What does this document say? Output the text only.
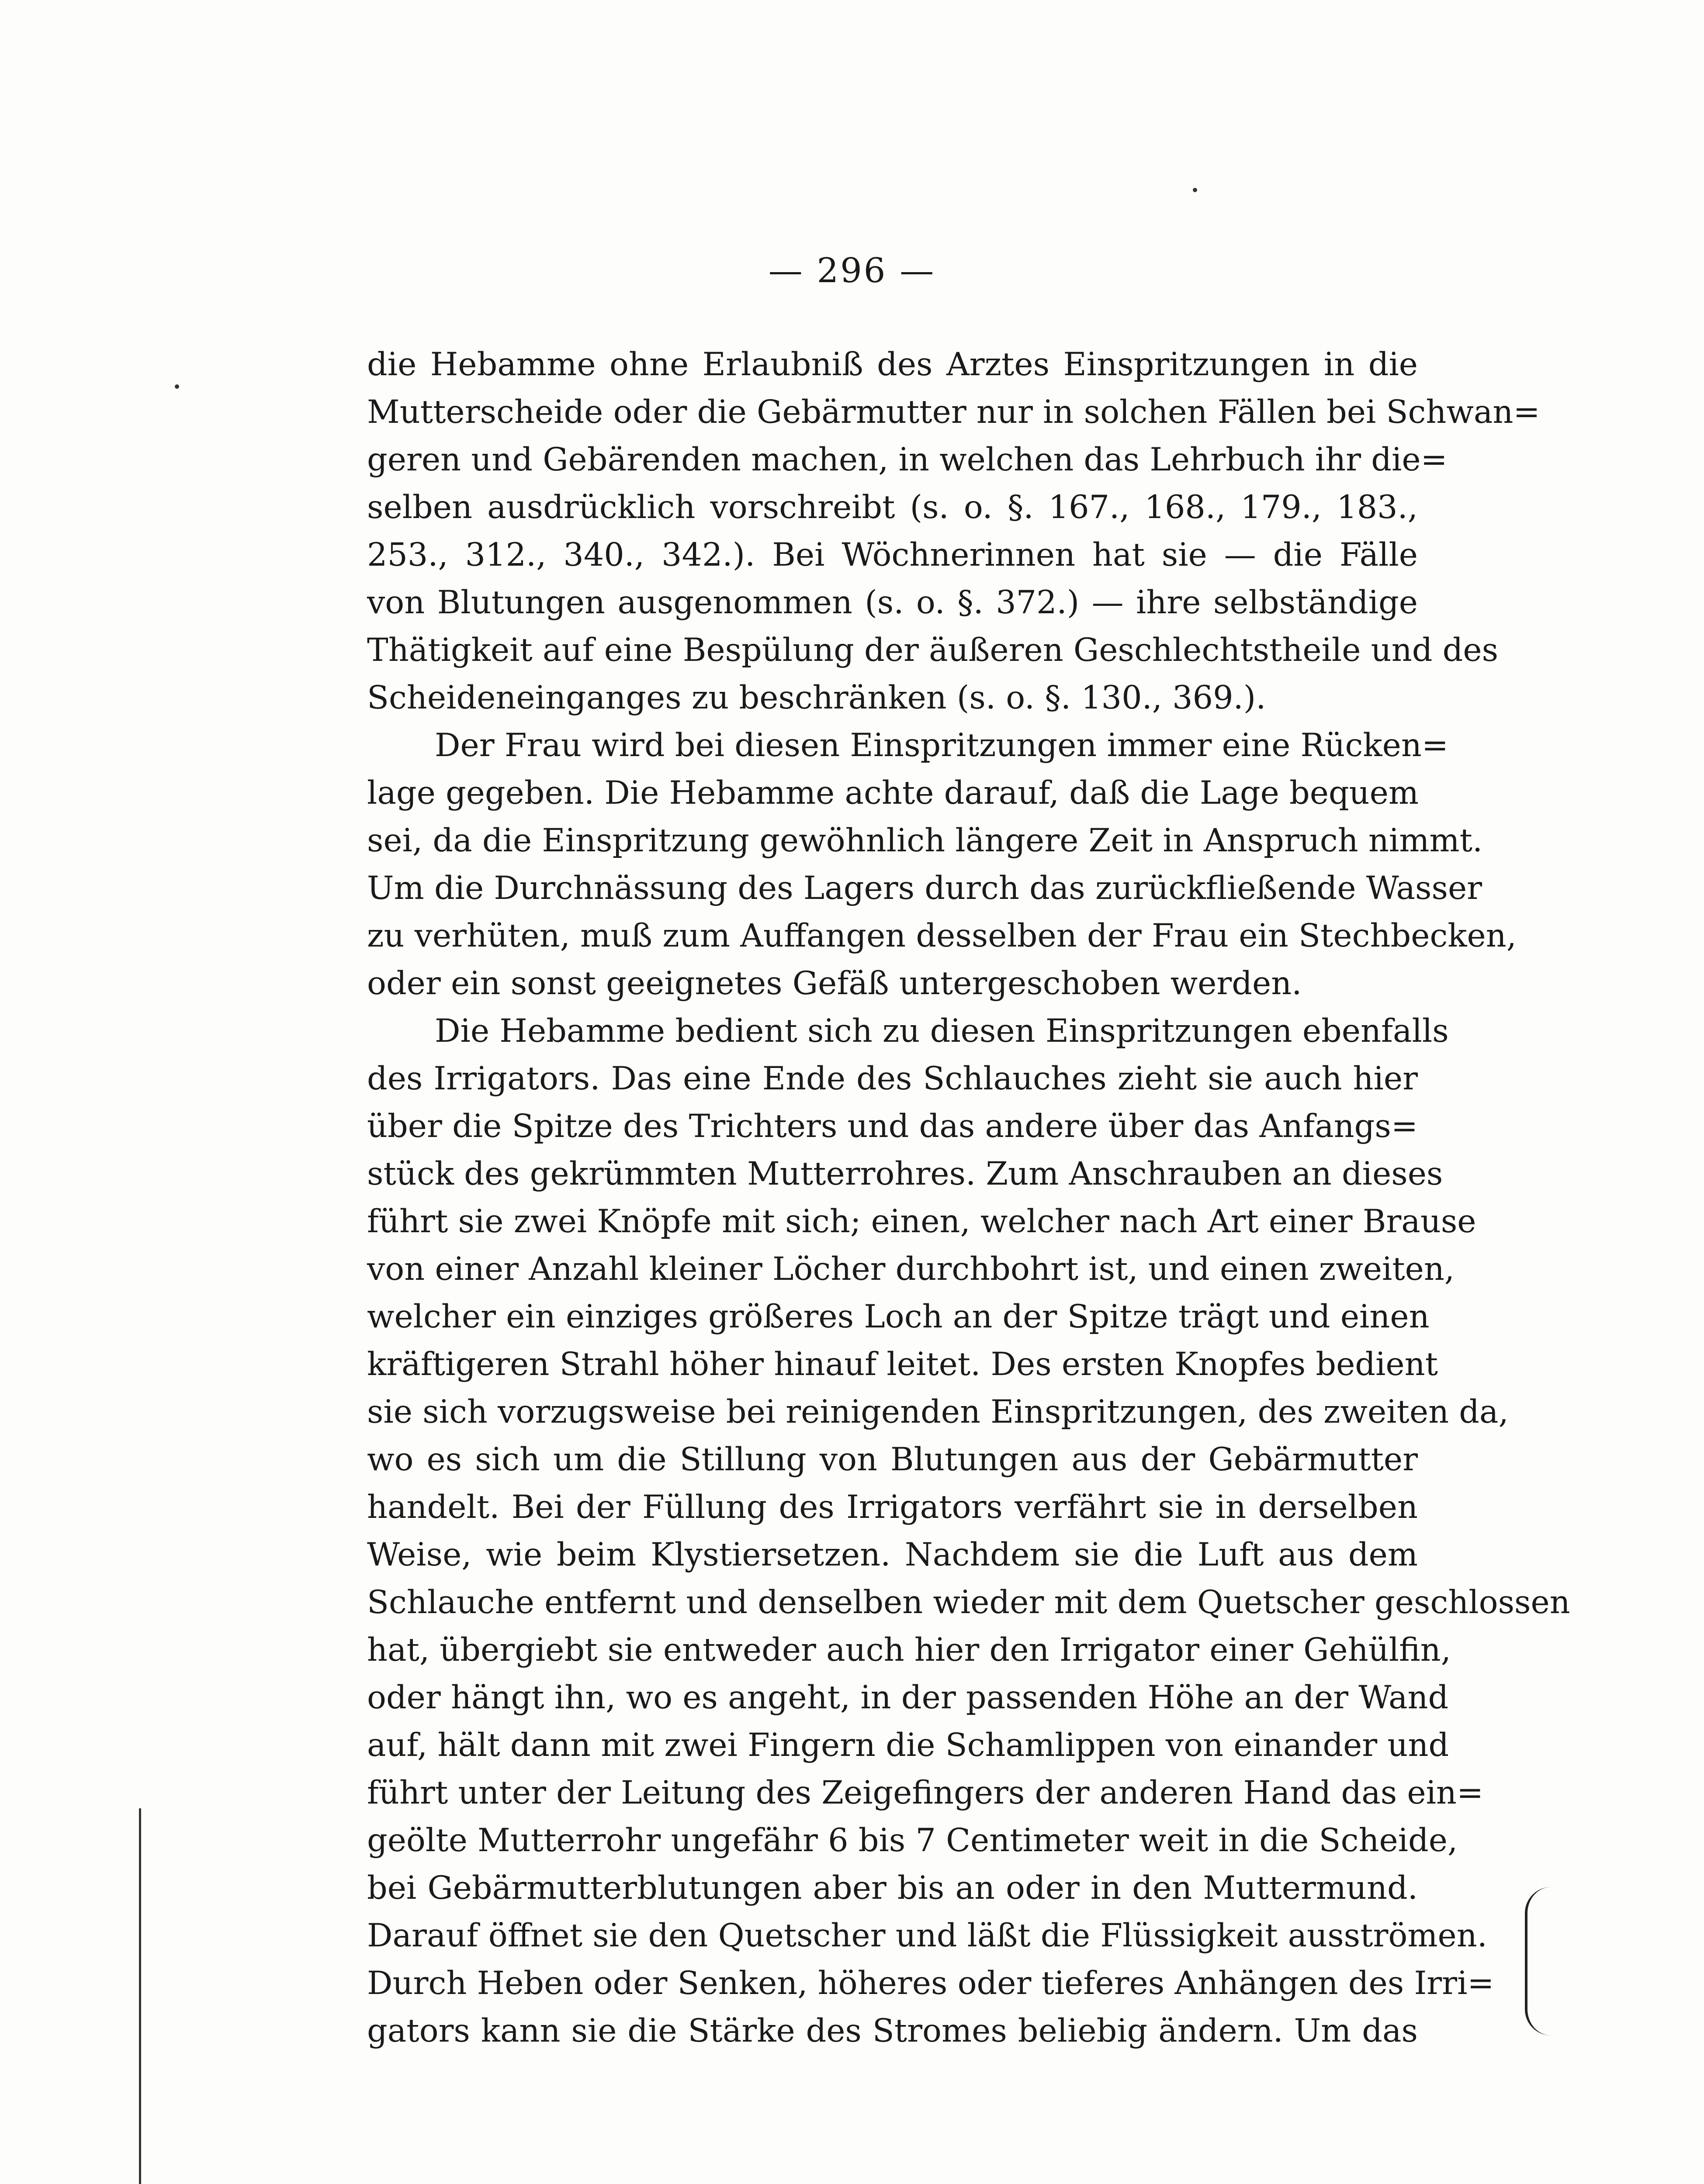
— 296 —
die Hebamme ohne Erlaubniß des Arztes Einspritzungen in die
Mutterscheide oder die Gebärmutter nur in solchen Fällen bei Schwan=
geren und Gebärenden machen, in welchen das Lehrbuch ihr die=
selben ausdrücklich vorschreibt (s. o. §. 167., 168., 179., 183.,
253., 312., 340., 342.). Bei Wöchnerinnen hat sie — die Fälle
von Blutungen ausgenommen (s. o. §. 372.) — ihre selbständige
Thätigkeit auf eine Bespülung der äußeren Geschlechtstheile und des
Scheideneinganges zu beschränken (s. o. §. 130., 369.).
Der Frau wird bei diesen Einspritzungen immer eine Rücken=
lage gegeben. Die Hebamme achte darauf, daß die Lage bequem
sei, da die Einspritzung gewöhnlich längere Zeit in Anspruch nimmt.
Um die Durchnässung des Lagers durch das zurückfließende Wasser
zu verhüten, muß zum Auffangen desselben der Frau ein Stechbecken,
oder ein sonst geeignetes Gefäß untergeschoben werden.
Die Hebamme bedient sich zu diesen Einspritzungen ebenfalls
des Irrigators. Das eine Ende des Schlauches zieht sie auch hier
über die Spitze des Trichters und das andere über das Anfangs=
stück des gekrümmten Mutterrohres. Zum Anschrauben an dieses
führt sie zwei Knöpfe mit sich; einen, welcher nach Art einer Brause
von einer Anzahl kleiner Löcher durchbohrt ist, und einen zweiten,
welcher ein einziges größeres Loch an der Spitze trägt und einen
kräftigeren Strahl höher hinauf leitet. Des ersten Knopfes bedient
sie sich vorzugsweise bei reinigenden Einspritzungen, des zweiten da,
wo es sich um die Stillung von Blutungen aus der Gebärmutter
handelt. Bei der Füllung des Irrigators verfährt sie in derselben
Weise, wie beim Klystiersetzen. Nachdem sie die Luft aus dem
Schlauche entfernt und denselben wieder mit dem Quetscher geschlossen
hat, übergiebt sie entweder auch hier den Irrigator einer Gehülfin,
oder hängt ihn, wo es angeht, in der passenden Höhe an der Wand
auf, hält dann mit zwei Fingern die Schamlippen von einander und
führt unter der Leitung des Zeigefingers der anderen Hand das ein=
geölte Mutterrohr ungefähr 6 bis 7 Centimeter weit in die Scheide,
bei Gebärmutterblutungen aber bis an oder in den Muttermund.
Darauf öffnet sie den Quetscher und läßt die Flüssigkeit ausströmen.
Durch Heben oder Senken, höheres oder tieferes Anhängen des Irri=
gators kann sie die Stärke des Stromes beliebig ändern. Um das
